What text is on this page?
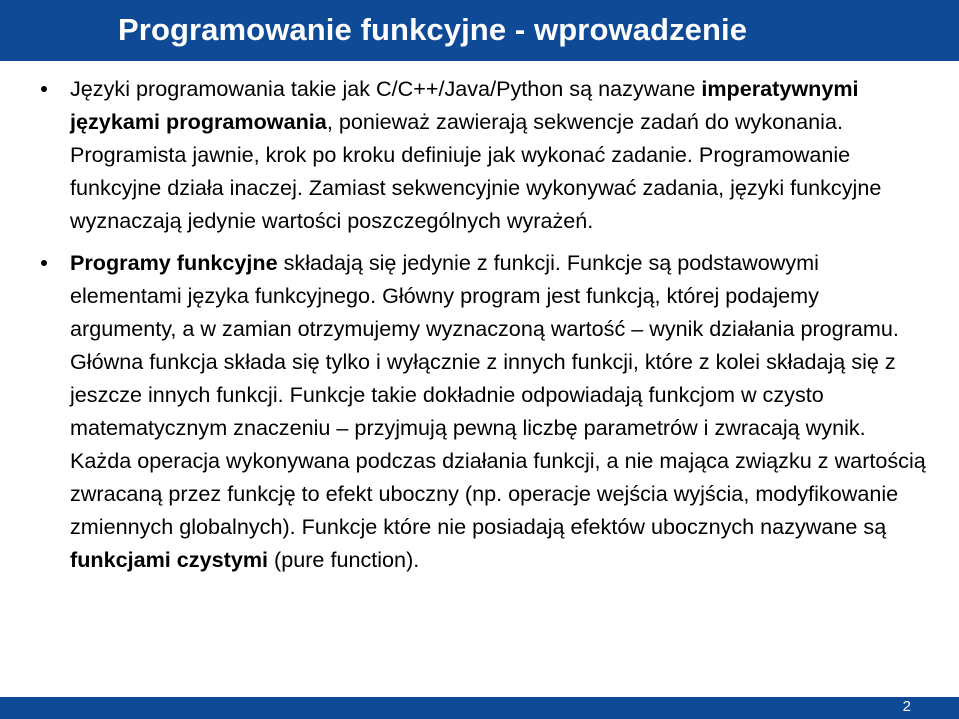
Programowanie funkcyjne - wprowadzenie
Języki programowania takie jak C/C++/Java/Python są nazywane imperatywnymi językami programowania, ponieważ zawierają sekwencje zadań do wykonania. Programista jawnie, krok po kroku definiuje jak wykonać zadanie. Programowanie funkcyjne działa inaczej. Zamiast sekwencyjnie wykonywać zadania, języki funkcyjne wyznaczają jedynie wartości poszczególnych wyrażeń.
Programy funkcyjne składają się jedynie z funkcji. Funkcje są podstawowymi elementami języka funkcyjnego. Główny program jest funkcją, której podajemy argumenty, a w zamian otrzymujemy wyznaczoną wartość – wynik działania programu. Główna funkcja składa się tylko i wyłącznie z innych funkcji, które z kolei składają się z jeszcze innych funkcji. Funkcje takie dokładnie odpowiadają funkcjom w czysto matematycznym znaczeniu – przyjmują pewną liczbę parametrów i zwracają wynik. Każda operacja wykonywana podczas działania funkcji, a nie mająca związku z wartością zwracaną przez funkcję to efekt uboczny (np. operacje wejścia wyjścia, modyfikowanie zmiennych globalnych). Funkcje które nie posiadają efektów ubocznych nazywane są funkcjami czystymi (pure function).
2
